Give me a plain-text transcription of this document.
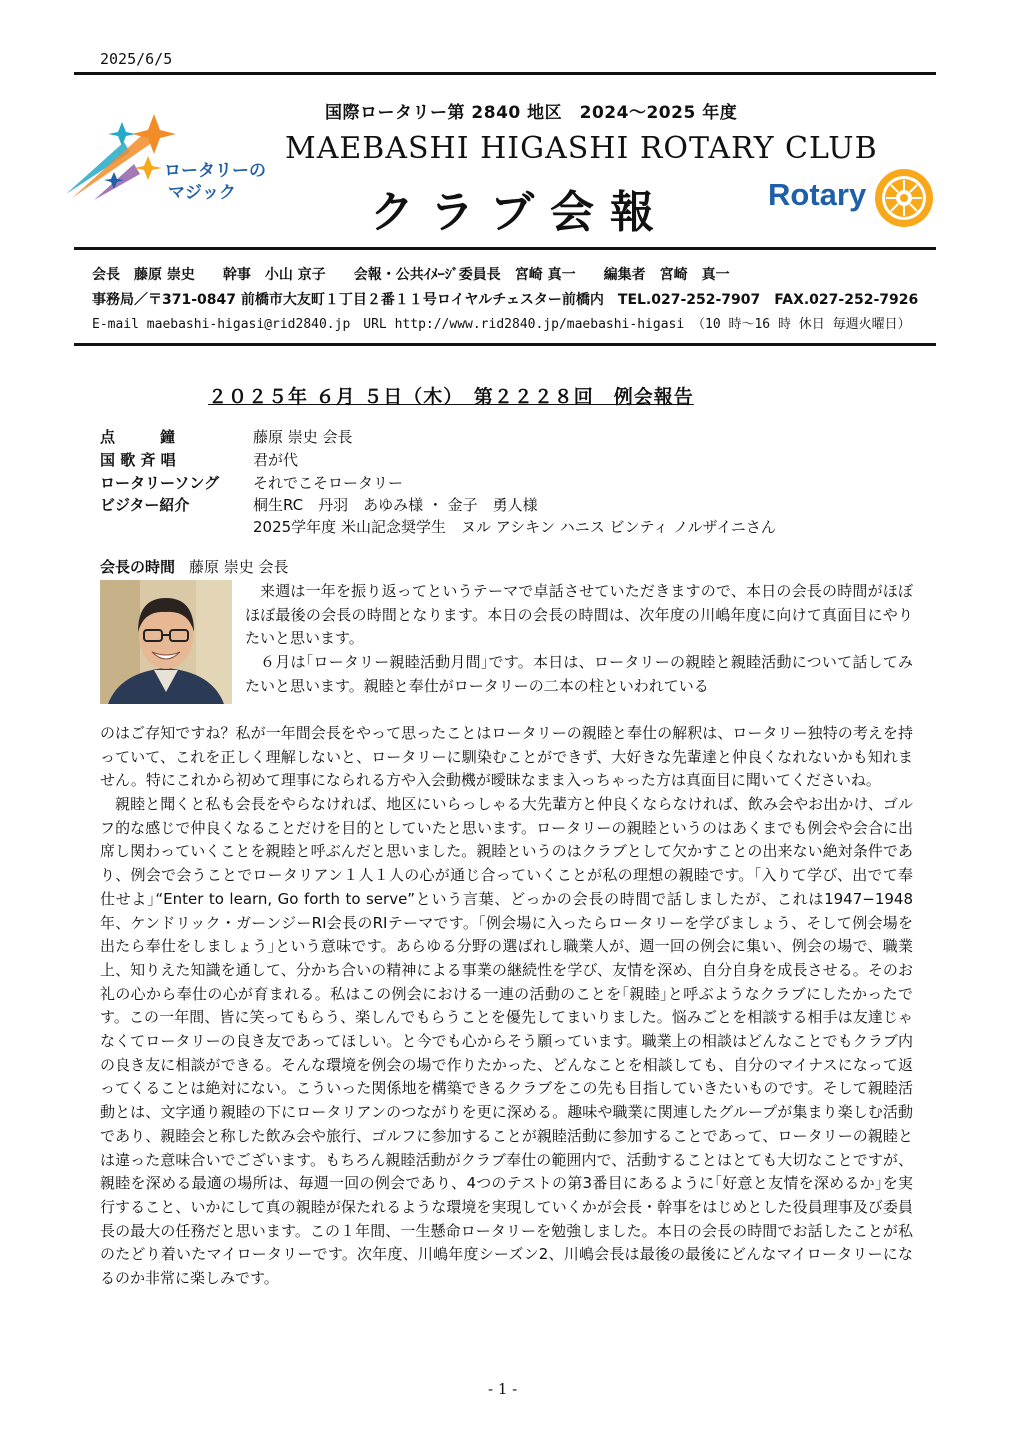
2025/6/5
ロータリーの
マジック
国際ロータリー第 2840 地区　2024～2025 年度
MAEBASHI HIGASHI ROTARY CLUB
クラブ会報	Rotary
会長　藤原 崇史　　幹事　小山 京子　　会報・公共ｲﾒｰｼﾞ委員長　宮崎 真一　　編集者　宮崎　真一
事務局／〒371-0847 前橋市大友町１丁目２番１１号ロイヤルチェスター前橋内　TEL.027-252-7907　FAX.027-252-7926
E-mail maebashi-higasi@rid2840.jp　URL http://www.rid2840.jp/maebashi-higasi （10 時～16 時 休日 毎週火曜日）
２０２５年 ６月 ５日（木）　第２２２８回　例会報告
点　　　鐘	藤原 崇史 会長
国 歌 斉 唱	君が代
ロータリーソング それでこそロータリー
ビジター紹介	桐生RC　丹羽　あゆみ様 ・ 金子　勇人様
2025学年度 米山記念奨学生　ヌル アシキン ハニス ビンティ ノルザイニさん
会長の時間 藤原 崇史 会長
来週は一年を振り返ってというテーマで卓話させていただきますので、本日の会長の時間がほぼほぼ最後の会長の時間となります。本日の会長の時間は、次年度の川嶋年度に向けて真面目にやりたいと思います。
６月は｢ロータリー親睦活動月間｣です。本日は、ロータリーの親睦と親睦活動について話してみたいと思います。親睦と奉仕がロータリーの二本の柱といわれている
のはご存知ですね？私が一年間会長をやって思ったことはロータリーの親睦と奉仕の解釈は、ロータリー独特の考えを持っていて、これを正しく理解しないと、ロータリーに馴染むことができず、大好きな先輩達と仲良くなれないかも知れません。特にこれから初めて理事になられる方や入会動機が曖昧なまま入っちゃった方は真面目に聞いてくださいね。
親睦と聞くと私も会長をやらなければ、地区にいらっしゃる大先輩方と仲良くならなければ、飲み会やお出かけ、ゴルフ的な感じで仲良くなることだけを目的としていたと思います。ロータリーの親睦というのはあくまでも例会や会合に出席し関わっていくことを親睦と呼ぶんだと思いました。親睦というのはクラブとして欠かすことの出来ない絶対条件であり、例会で会うことでロータリアン１人１人の心が通じ合っていくことが私の理想の親睦です。｢入りて学び、出でて奉仕せよ｣“Enter to learn, Go forth to serve”という言葉、どっかの会長の時間で話しましたが、これは1947−1948年、ケンドリック・ガーンジーRI会長のRIテーマです。｢例会場に入ったらロータリーを学びましょう、そして例会場を出たら奉仕をしましょう｣という意味です。あらゆる分野の選ばれし職業人が、週一回の例会に集い、例会の場で、職業上、知りえた知識を通して、分かち合いの精神による事業の継続性を学び、友情を深め、自分自身を成長させる。そのお礼の心から奉仕の心が育まれる。私はこの例会における一連の活動のことを｢親睦｣と呼ぶようなクラブにしたかったです。この一年間、皆に笑ってもらう、楽しんでもらうことを優先してまいりました。悩みごとを相談する相手は友達じゃなくてロータリーの良き友であってほしい。と今でも心からそう願っています。職業上の相談はどんなことでもクラブ内の良き友に相談ができる。そんな環境を例会の場で作りたかった、どんなことを相談しても、自分のマイナスになって返ってくることは絶対にない。こういった関係地を構築できるクラブをこの先も目指していきたいものです。そして親睦活動とは、文字通り親睦の下にロータリアンのつながりを更に深める。趣味や職業に関連したグループが集まり楽しむ活動であり、親睦会と称した飲み会や旅行、ゴルフに参加することが親睦活動に参加することであって、ロータリーの親睦とは違った意味合いでございます。もちろん親睦活動がクラブ奉仕の範囲内で、活動することはとても大切なことですが、親睦を深める最適の場所は、毎週一回の例会であり、4つのテストの第3番目にあるように｢好意と友情を深めるか｣を実行すること、いかにして真の親睦が保たれるような環境を実現していくかが会長・幹事をはじめとした役員理事及び委員長の最大の任務だと思います。この１年間、一生懸命ロータリーを勉強しました。本日の会長の時間でお話したことが私のたどり着いたマイロータリーです。次年度、川嶋年度シーズン2、川嶋会長は最後の最後にどんなマイロータリーになるのか非常に楽しみです。
- 1 -
